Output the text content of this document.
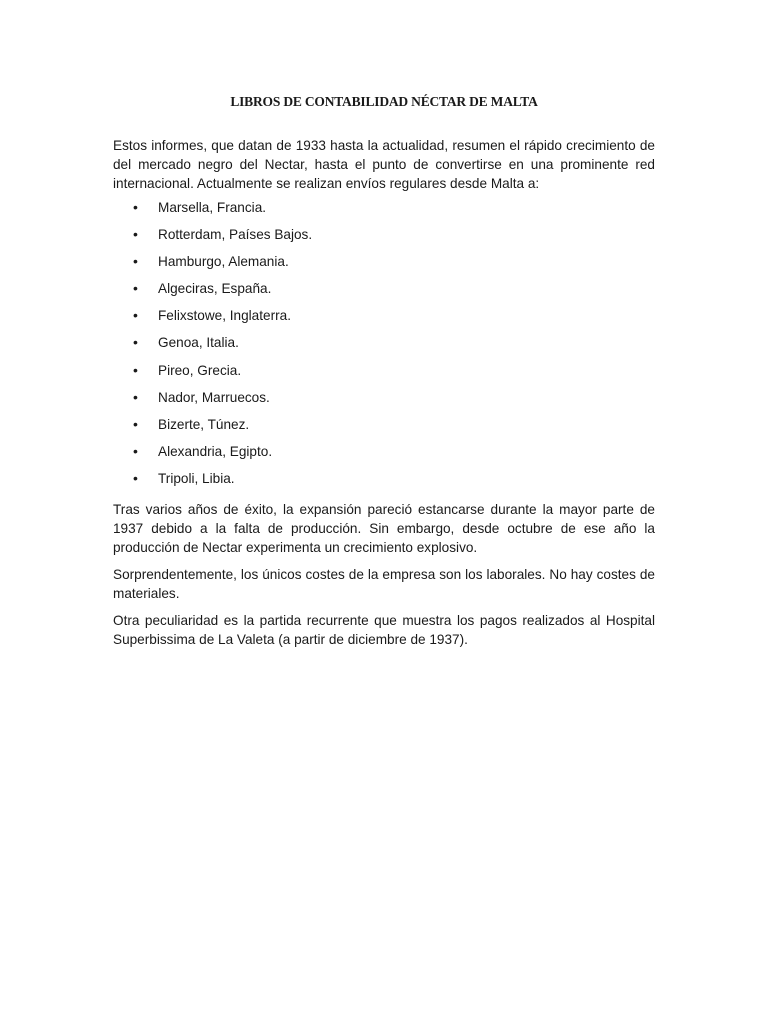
LIBROS DE CONTABILIDAD NÉCTAR DE MALTA

Estos informes, que datan de 1933 hasta la actualidad, resumen el rápido crecimiento de del mercado negro del Nectar, hasta el punto de convertirse en una prominente red internacional. Actualmente se realizan envíos regulares desde Malta a:

• Marsella, Francia.
• Rotterdam, Países Bajos.
• Hamburgo, Alemania.
• Algeciras, España.
• Felixstowe, Inglaterra.
• Genoa, Italia.
• Pireo, Grecia.
• Nador, Marruecos.
• Bizerte, Túnez.
• Alexandria, Egipto.
• Tripoli, Libia.

Tras varios años de éxito, la expansión pareció estancarse durante la mayor parte de 1937 debido a la falta de producción. Sin embargo, desde octubre de ese año la producción de Nectar experimenta un crecimiento explosivo.

Sorprendentemente, los únicos costes de la empresa son los laborales. No hay costes de materiales.

Otra peculiaridad es la partida recurrente que muestra los pagos realizados al Hospital Superbissima de La Valeta (a partir de diciembre de 1937).
